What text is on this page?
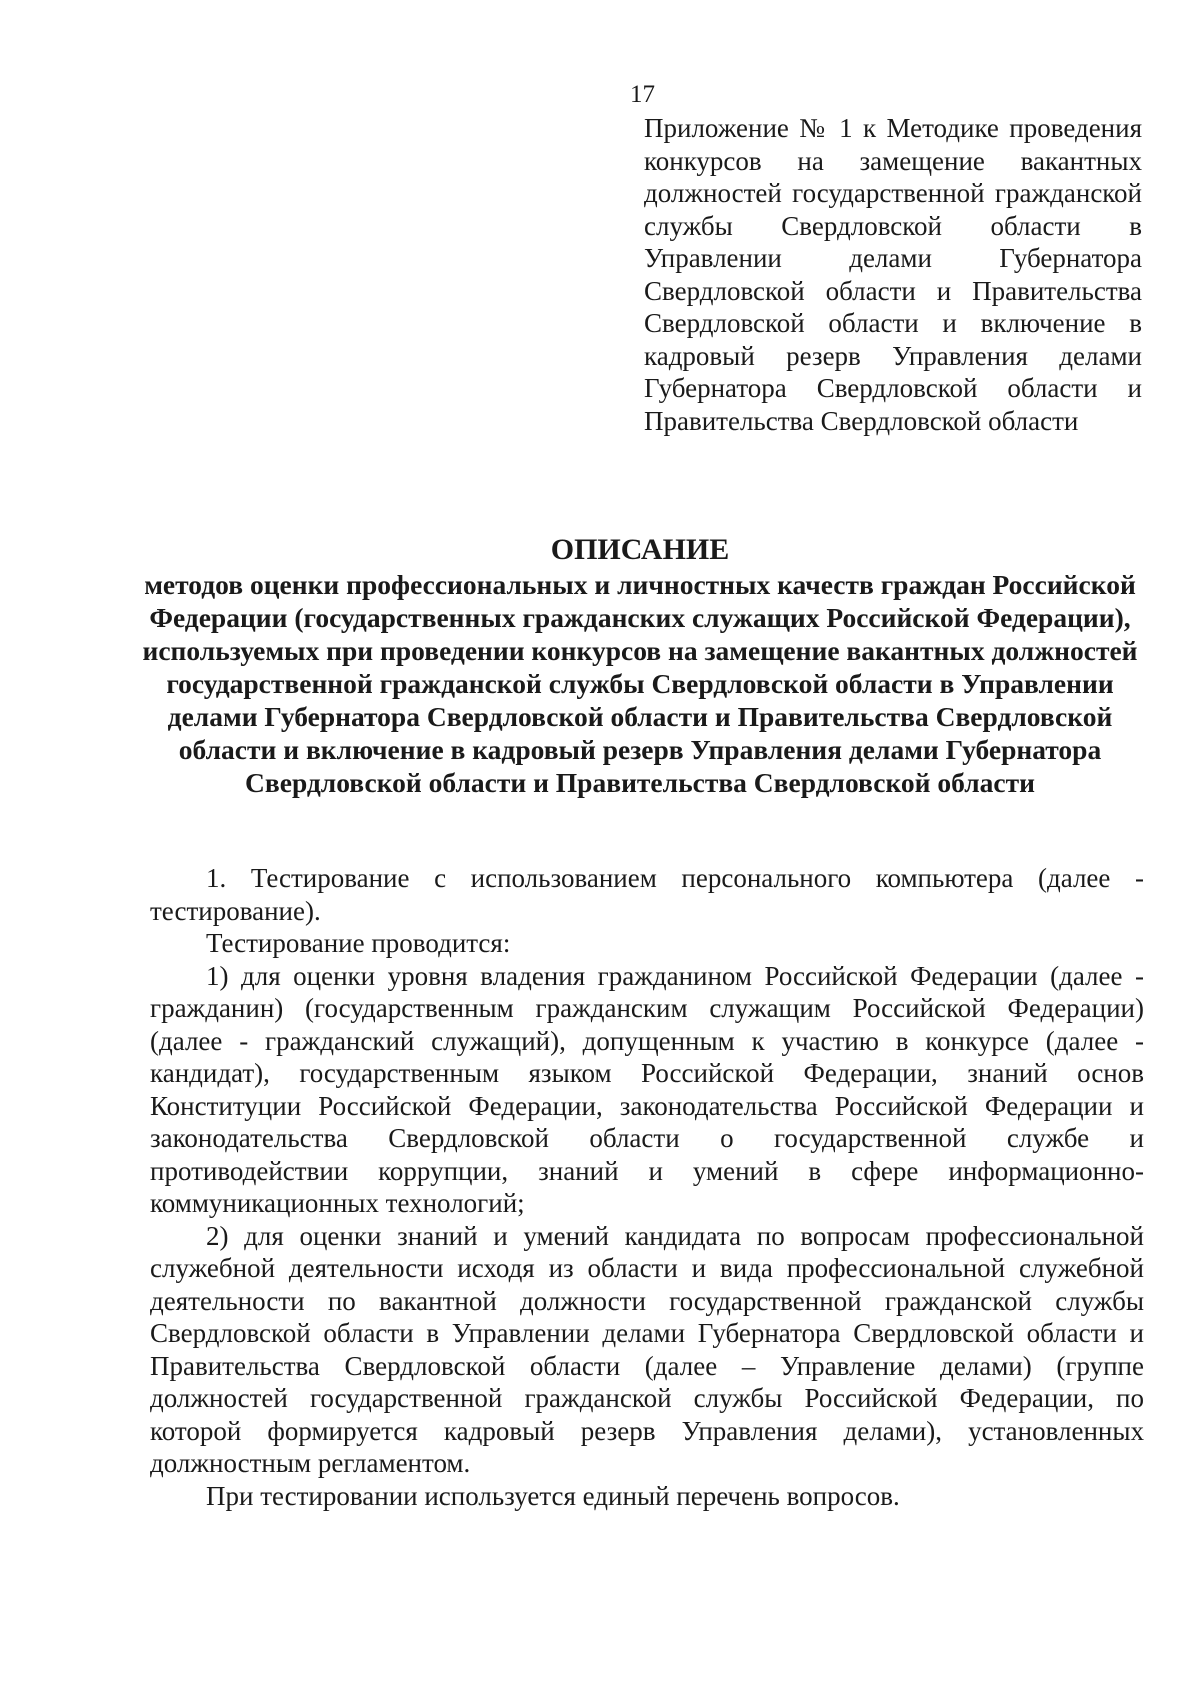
17

Приложение № 1 к Методике проведения конкурсов на замещение вакантных должностей государственной гражданской службы Свердловской области в Управлении делами Губернатора Свердловской области и Правительства Свердловской области и включение в кадровый резерв Управления делами Губернатора Свердловской области и Правительства Свердловской области

ОПИСАНИЕ
методов оценки профессиональных и личностных качеств граждан Российской Федерации (государственных гражданских служащих Российской Федерации), используемых при проведении конкурсов на замещение вакантных должностей государственной гражданской службы Свердловской области в Управлении делами Губернатора Свердловской области и Правительства Свердловской области и включение в кадровый резерв Управления делами Губернатора Свердловской области и Правительства Свердловской области

1. Тестирование с использованием персонального компьютера (далее - тестирование).

Тестирование проводится:

1) для оценки уровня владения гражданином Российской Федерации (далее - гражданин) (государственным гражданским служащим Российской Федерации) (далее - гражданский служащий), допущенным к участию в конкурсе (далее - кандидат), государственным языком Российской Федерации, знаний основ Конституции Российской Федерации, законодательства Российской Федерации и законодательства Свердловской области о государственной службе и противодействии коррупции, знаний и умений в сфере информационно-коммуникационных технологий;

2) для оценки знаний и умений кандидата по вопросам профессиональной служебной деятельности исходя из области и вида профессиональной служебной деятельности по вакантной должности государственной гражданской службы Свердловской области в Управлении делами Губернатора Свердловской области и Правительства Свердловской области (далее – Управление делами) (группе должностей государственной гражданской службы Российской Федерации, по которой формируется кадровый резерв Управления делами), установленных должностным регламентом.

При тестировании используется единый перечень вопросов.
